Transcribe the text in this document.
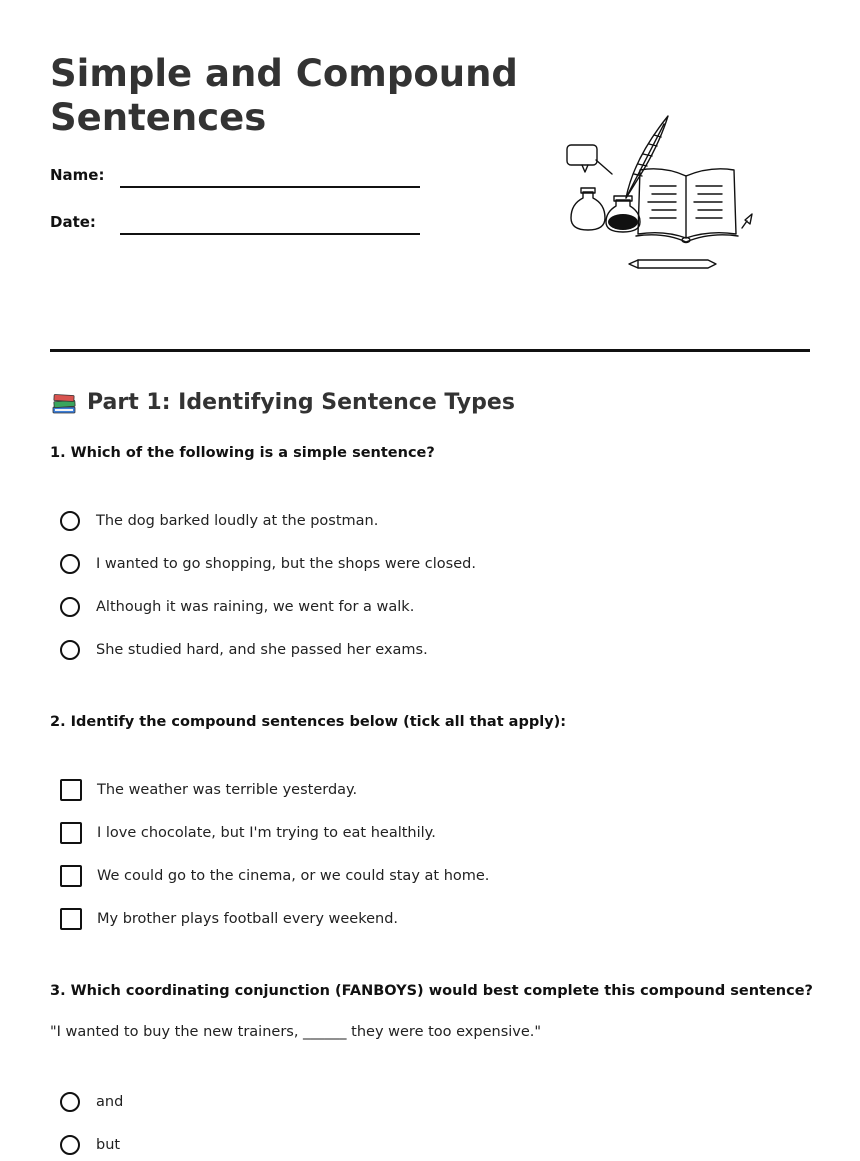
Simple and Compound Sentences
Name:
Date:
Part 1: Identifying Sentence Types

1. Which of the following is a simple sentence?

The dog barked loudly at the postman.
I wanted to go shopping, but the shops were closed.
Although it was raining, we went for a walk.
She studied hard, and she passed her exams.

2. Identify the compound sentences below (tick all that apply):

The weather was terrible yesterday.
I love chocolate, but I'm trying to eat healthily.
We could go to the cinema, or we could stay at home.
My brother plays football every weekend.

3. Which coordinating conjunction (FANBOYS) would best complete this compound sentence?

"I wanted to buy the new trainers, ______ they were too expensive."
and
but
